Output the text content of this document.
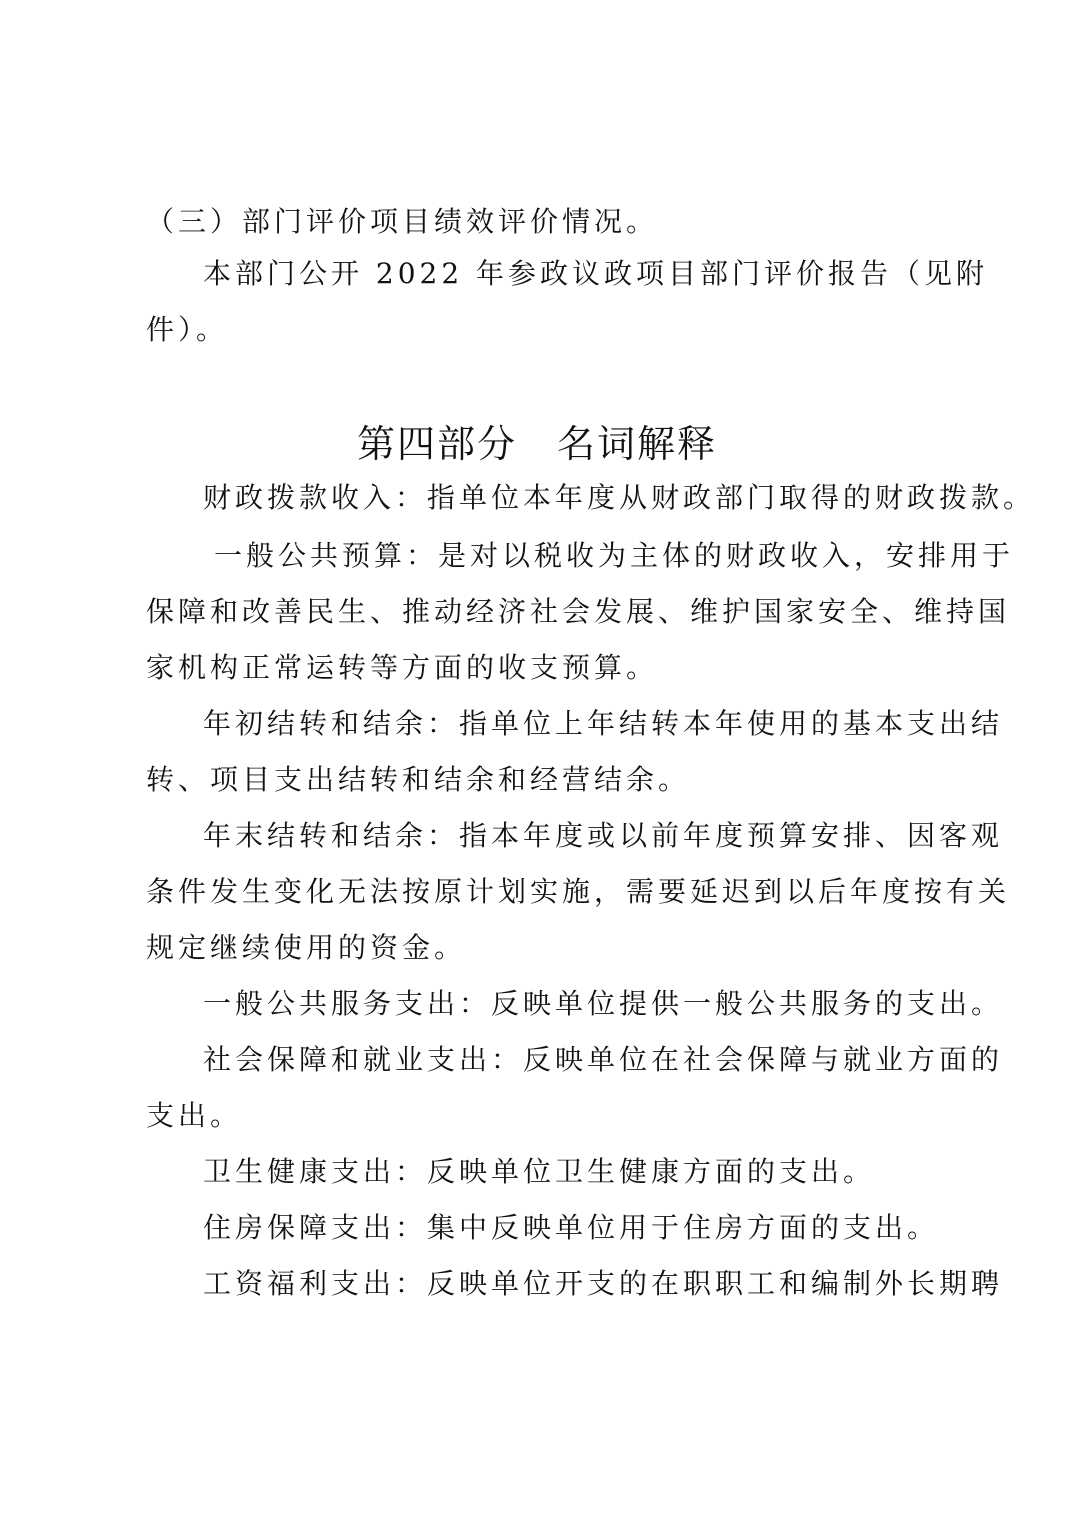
（三）部门评价项目绩效评价情况。

本部门公开 2022 年参政议政项目部门评价报告（见附

件）。

第四部分　名词解释

财政拨款收入：指单位本年度从财政部门取得的财政拨款。

一般公共预算：是对以税收为主体的财政收入，安排用于

保障和改善民生、推动经济社会发展、维护国家安全、维持国

家机构正常运转等方面的收支预算。

年初结转和结余：指单位上年结转本年使用的基本支出结

转、项目支出结转和结余和经营结余。

年末结转和结余：指本年度或以前年度预算安排、因客观

条件发生变化无法按原计划实施，需要延迟到以后年度按有关

规定继续使用的资金。

一般公共服务支出：反映单位提供一般公共服务的支出。

社会保障和就业支出：反映单位在社会保障与就业方面的

支出。

卫生健康支出：反映单位卫生健康方面的支出。

住房保障支出：集中反映单位用于住房方面的支出。

工资福利支出：反映单位开支的在职职工和编制外长期聘
